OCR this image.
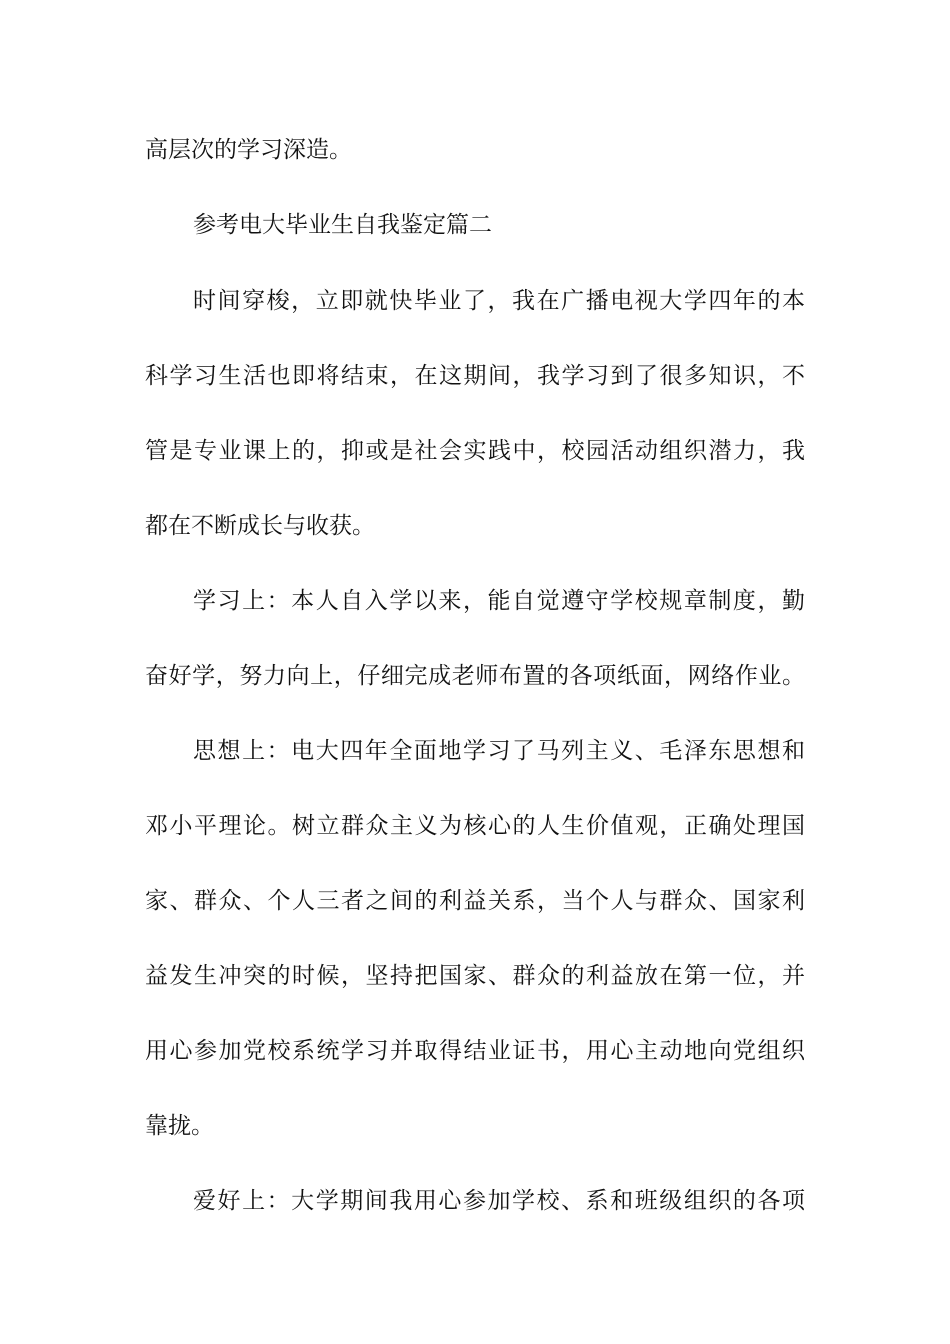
高层次的学习深造。
参考电大毕业生自我鉴定篇二
时间穿梭，立即就快毕业了，我在广播电视大学四年的本
科学习生活也即将结束，在这期间，我学习到了很多知识，不
管是专业课上的，抑或是社会实践中，校园活动组织潜力，我
都在不断成长与收获。
学习上：本人自入学以来，能自觉遵守学校规章制度，勤
奋好学，努力向上，仔细完成老师布置的各项纸面，网络作业。
思想上：电大四年全面地学习了马列主义、毛泽东思想和
邓小平理论。树立群众主义为核心的人生价值观，正确处理国
家、群众、个人三者之间的利益关系，当个人与群众、国家利
益发生冲突的时候，坚持把国家、群众的利益放在第一位，并
用心参加党校系统学习并取得结业证书，用心主动地向党组织
靠拢。
爱好上：大学期间我用心参加学校、系和班级组织的各项
